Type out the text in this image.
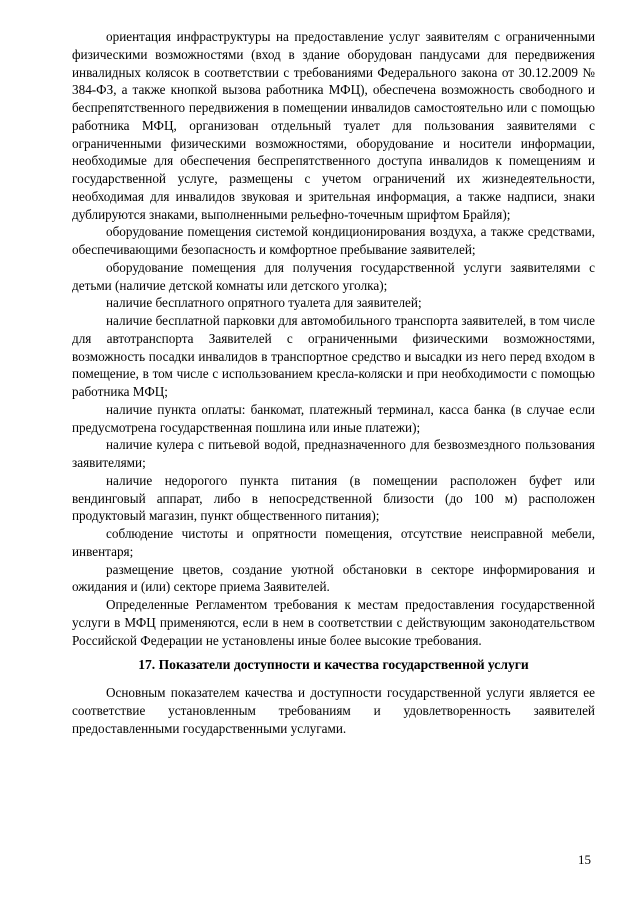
ориентация инфраструктуры на предоставление услуг заявителям с ограниченными физическими возможностями (вход в здание оборудован пандусами для передвижения инвалидных колясок в соответствии с требованиями Федерального закона от 30.12.2009 № 384-ФЗ, а также кнопкой вызова работника МФЦ), обеспечена возможность свободного и беспрепятственного передвижения в помещении инвалидов самостоятельно или с помощью работника МФЦ, организован отдельный туалет для пользования заявителями с ограниченными физическими возможностями, оборудование и носители информации, необходимые для обеспечения беспрепятственного доступа инвалидов к помещениям и государственной услуге, размещены с учетом ограничений их жизнедеятельности, необходимая для инвалидов звуковая и зрительная информация, а также надписи, знаки дублируются знаками, выполненными рельефно-точечным шрифтом Брайля);

оборудование помещения системой кондиционирования воздуха, а также средствами, обеспечивающими безопасность и комфортное пребывание заявителей;

оборудование помещения для получения государственной услуги заявителями с детьми (наличие детской комнаты или детского уголка);

наличие бесплатного опрятного туалета для заявителей;

наличие бесплатной парковки для автомобильного транспорта заявителей, в том числе для автотранспорта Заявителей с ограниченными физическими возможностями, возможность посадки инвалидов в транспортное средство и высадки из него перед входом в помещение, в том числе с использованием кресла-коляски и при необходимости с помощью работника МФЦ;

наличие пункта оплаты: банкомат, платежный терминал, касса банка (в случае если предусмотрена государственная пошлина или иные платежи);

наличие кулера с питьевой водой, предназначенного для безвозмездного пользования заявителями;

наличие недорогого пункта питания (в помещении расположен буфет или вендинговый аппарат, либо в непосредственной близости (до 100 м) расположен продуктовый магазин, пункт общественного питания);

соблюдение чистоты и опрятности помещения, отсутствие неисправной мебели, инвентаря;

размещение цветов, создание уютной обстановки в секторе информирования и ожидания и (или) секторе приема Заявителей.

Определенные Регламентом требования к местам предоставления государственной услуги в МФЦ применяются, если в нем в соответствии с действующим законодательством Российской Федерации не установлены иные более высокие требования.

17. Показатели доступности и качества государственной услуги

Основным показателем качества и доступности государственной услуги является ее соответствие установленным требованиям и удовлетворенность заявителей предоставленными государственными услугами.

15
